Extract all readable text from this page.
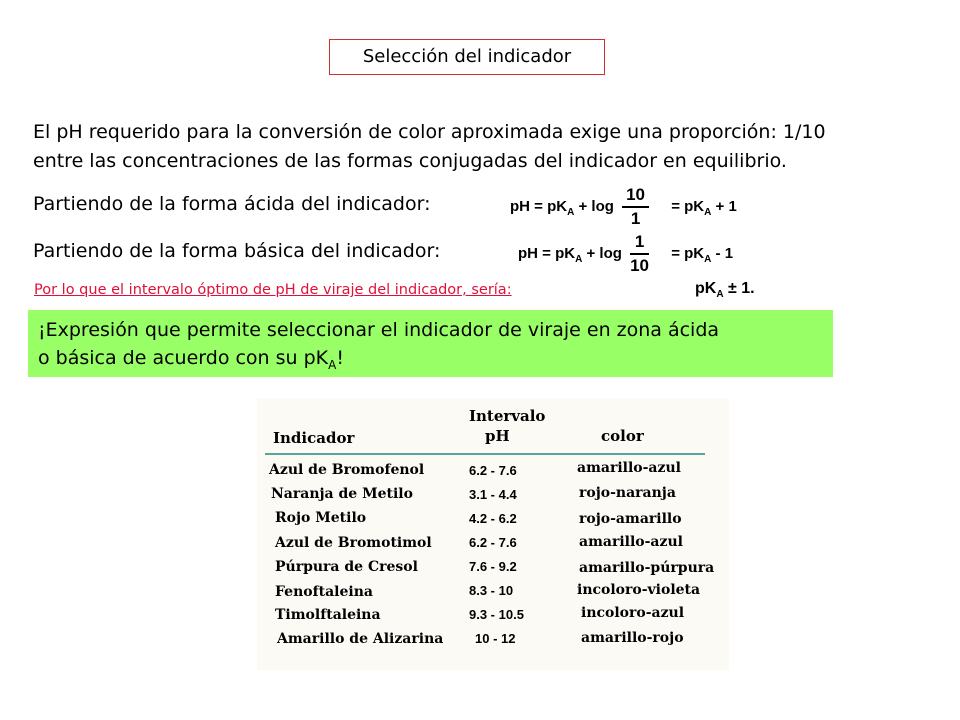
Selección del indicador
El pH requerido para la conversión de color aproximada exige una proporción: 1/10
entre las concentraciones de las formas conjugadas del indicador en equilibrio.
Partiendo de la forma ácida del indicador:	pH = $pK_A + \log \frac{10}{1} = pK_A + 1$
Partiendo de la forma básica del indicador:	pH = $pK_A + \log \frac{1}{10} = pK_A - 1$
Por lo que el intervalo óptimo de pH de viraje del indicador, sería:	$pK_A \pm 1$.
¡Expresión que permite seleccionar el indicador de viraje en zona ácida
o básica de acuerdo con su $pK_A$!
Indicador
Intervalo
pH	color
Azul de Bromofenol	6.2 - 7.6	amarillo-azul
Naranja de Metilo	3.1 - 4.4	rojo-naranja
Rojo Metilo	4.2 - 6.2	rojo-amarillo
Azul de Bromotimol	6.2 - 7.6	amarillo-azul
Púrpura de Cresol	7.6 - 9.2	amarillo-púrpura
Fenoftaleina	8.3 - 10	incoloro-violeta
Timolftaleina	9.3 - 10.5	incoloro-azul
Amarillo de Alizarina 10 - 12	amarillo-rojo
